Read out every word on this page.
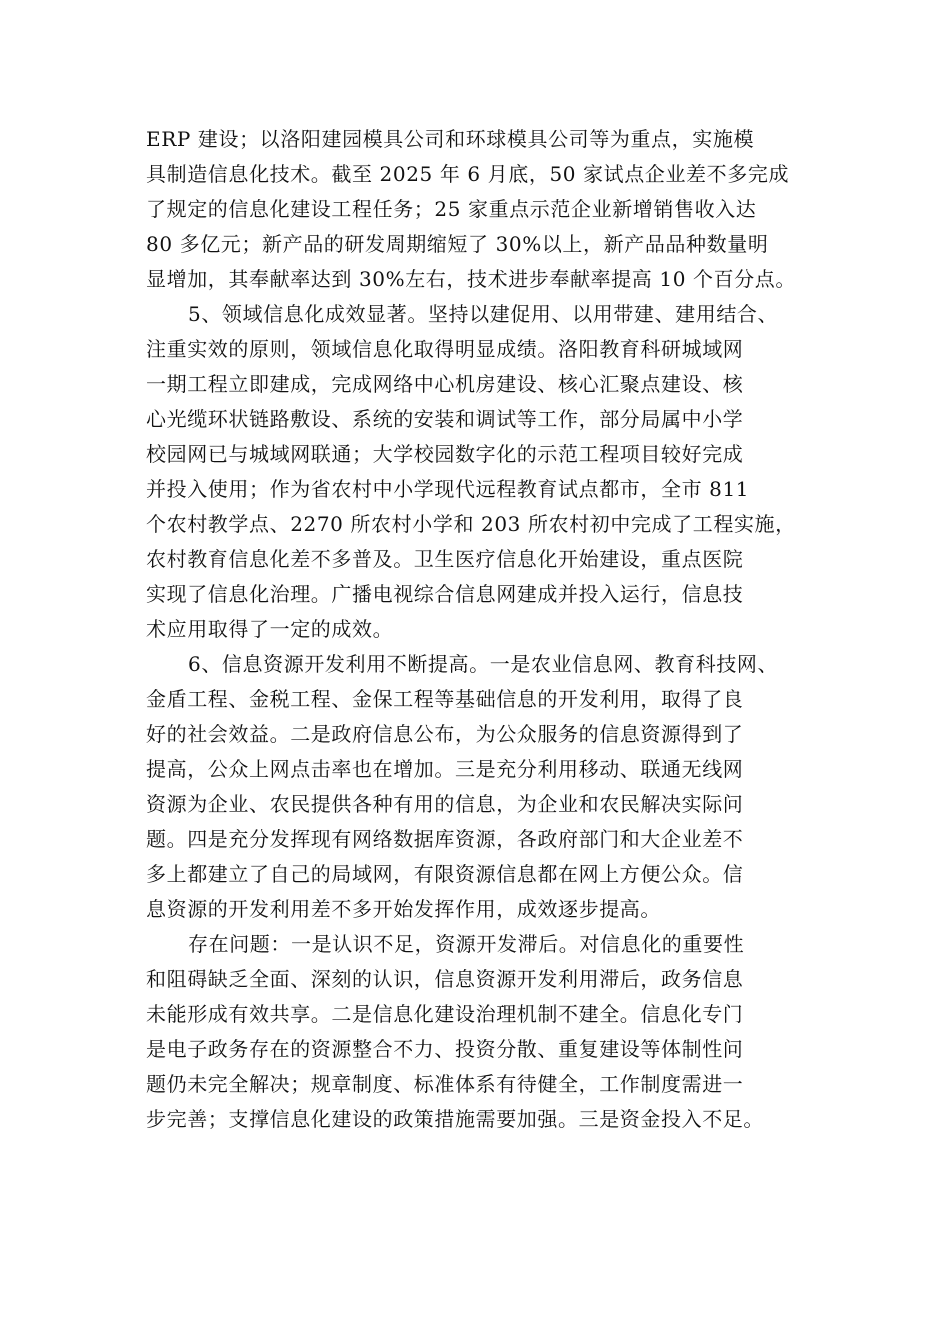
ERP 建设；以洛阳建园模具公司和环球模具公司等为重点，实施模
具制造信息化技术。截至 2025 年 6 月底，50 家试点企业差不多完成
了规定的信息化建设工程任务；25 家重点示范企业新增销售收入达
80 多亿元；新产品的研发周期缩短了 30%以上，新产品品种数量明
显增加，其奉献率达到 30%左右，技术进步奉献率提高 10 个百分点。
5、领域信息化成效显著。坚持以建促用、以用带建、建用结合、
注重实效的原则，领域信息化取得明显成绩。洛阳教育科研城域网
一期工程立即建成，完成网络中心机房建设、核心汇聚点建设、核
心光缆环状链路敷设、系统的安装和调试等工作，部分局属中小学
校园网已与城域网联通；大学校园数字化的示范工程项目较好完成
并投入使用；作为省农村中小学现代远程教育试点都市，全市 811
个农村教学点、2270 所农村小学和 203 所农村初中完成了工程实施，
农村教育信息化差不多普及。卫生医疗信息化开始建设，重点医院
实现了信息化治理。广播电视综合信息网建成并投入运行，信息技
术应用取得了一定的成效。
6、信息资源开发利用不断提高。一是农业信息网、教育科技网、
金盾工程、金税工程、金保工程等基础信息的开发利用，取得了良
好的社会效益。二是政府信息公布，为公众服务的信息资源得到了
提高，公众上网点击率也在增加。三是充分利用移动、联通无线网
资源为企业、农民提供各种有用的信息，为企业和农民解决实际问
题。四是充分发挥现有网络数据库资源，各政府部门和大企业差不
多上都建立了自己的局域网，有限资源信息都在网上方便公众。信
息资源的开发利用差不多开始发挥作用，成效逐步提高。
存在问题：一是认识不足，资源开发滞后。对信息化的重要性
和阻碍缺乏全面、深刻的认识，信息资源开发利用滞后，政务信息
未能形成有效共享。二是信息化建设治理机制不建全。信息化专门
是电子政务存在的资源整合不力、投资分散、重复建设等体制性问
题仍未完全解决；规章制度、标准体系有待健全，工作制度需进一
步完善；支撑信息化建设的政策措施需要加强。三是资金投入不足。
